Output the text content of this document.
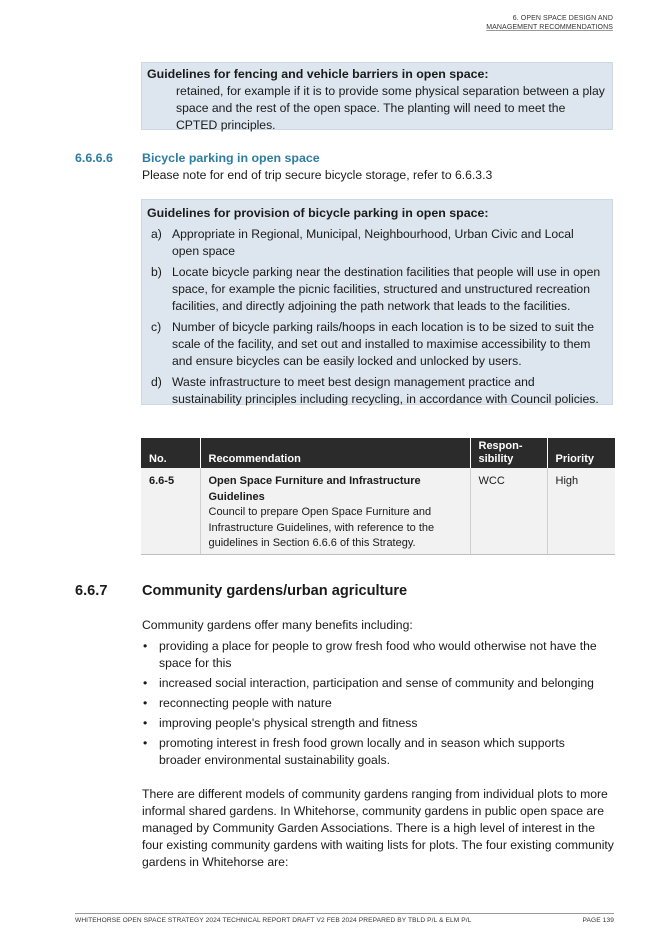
6. OPEN SPACE DESIGN AND
MANAGEMENT RECOMMENDATIONS
Guidelines for fencing and vehicle barriers in open space:
retained, for example if it is to provide some physical separation between a play space and the rest of the open space. The planting will need to meet the CPTED principles.
6.6.6.6 Bicycle parking in open space
Please note for end of trip secure bicycle storage, refer to 6.6.3.3
Guidelines for provision of bicycle parking in open space:
a) Appropriate in Regional, Municipal, Neighbourhood, Urban Civic and Local open space
b) Locate bicycle parking near the destination facilities that people will use in open space, for example the picnic facilities, structured and unstructured recreation facilities, and directly adjoining the path network that leads to the facilities.
c) Number of bicycle parking rails/hoops in each location is to be sized to suit the scale of the facility, and set out and installed to maximise accessibility to them and ensure bicycles can be easily locked and unlocked by users.
d) Waste infrastructure to meet best design management practice and sustainability principles including recycling, in accordance with Council policies.
No.	Recommendation	Respon-
sibility	Priority
6.6-5	Open Space Furniture and Infrastructure Guidelines
Council to prepare Open Space Furniture and Infrastructure Guidelines, with reference to the guidelines in Section 6.6.6 of this Strategy.	WCC	High
6.6.7 Community gardens/urban agriculture
Community gardens offer many benefits including:
• providing a place for people to grow fresh food who would otherwise not have the space for this
• increased social interaction, participation and sense of community and belonging
• reconnecting people with nature
• improving people's physical strength and fitness
• promoting interest in fresh food grown locally and in season which supports broader environmental sustainability goals.
There are different models of community gardens ranging from individual plots to more informal shared gardens. In Whitehorse, community gardens in public open space are managed by Community Garden Associations. There is a high level of interest in the four existing community gardens with waiting lists for plots. The four existing community gardens in Whitehorse are:
WHITEHORSE OPEN SPACE STRATEGY 2024 TECHNICAL REPORT DRAFT V2 FEB 2024 PREPARED BY TBLD P/L & ELM P/L	PAGE 139
